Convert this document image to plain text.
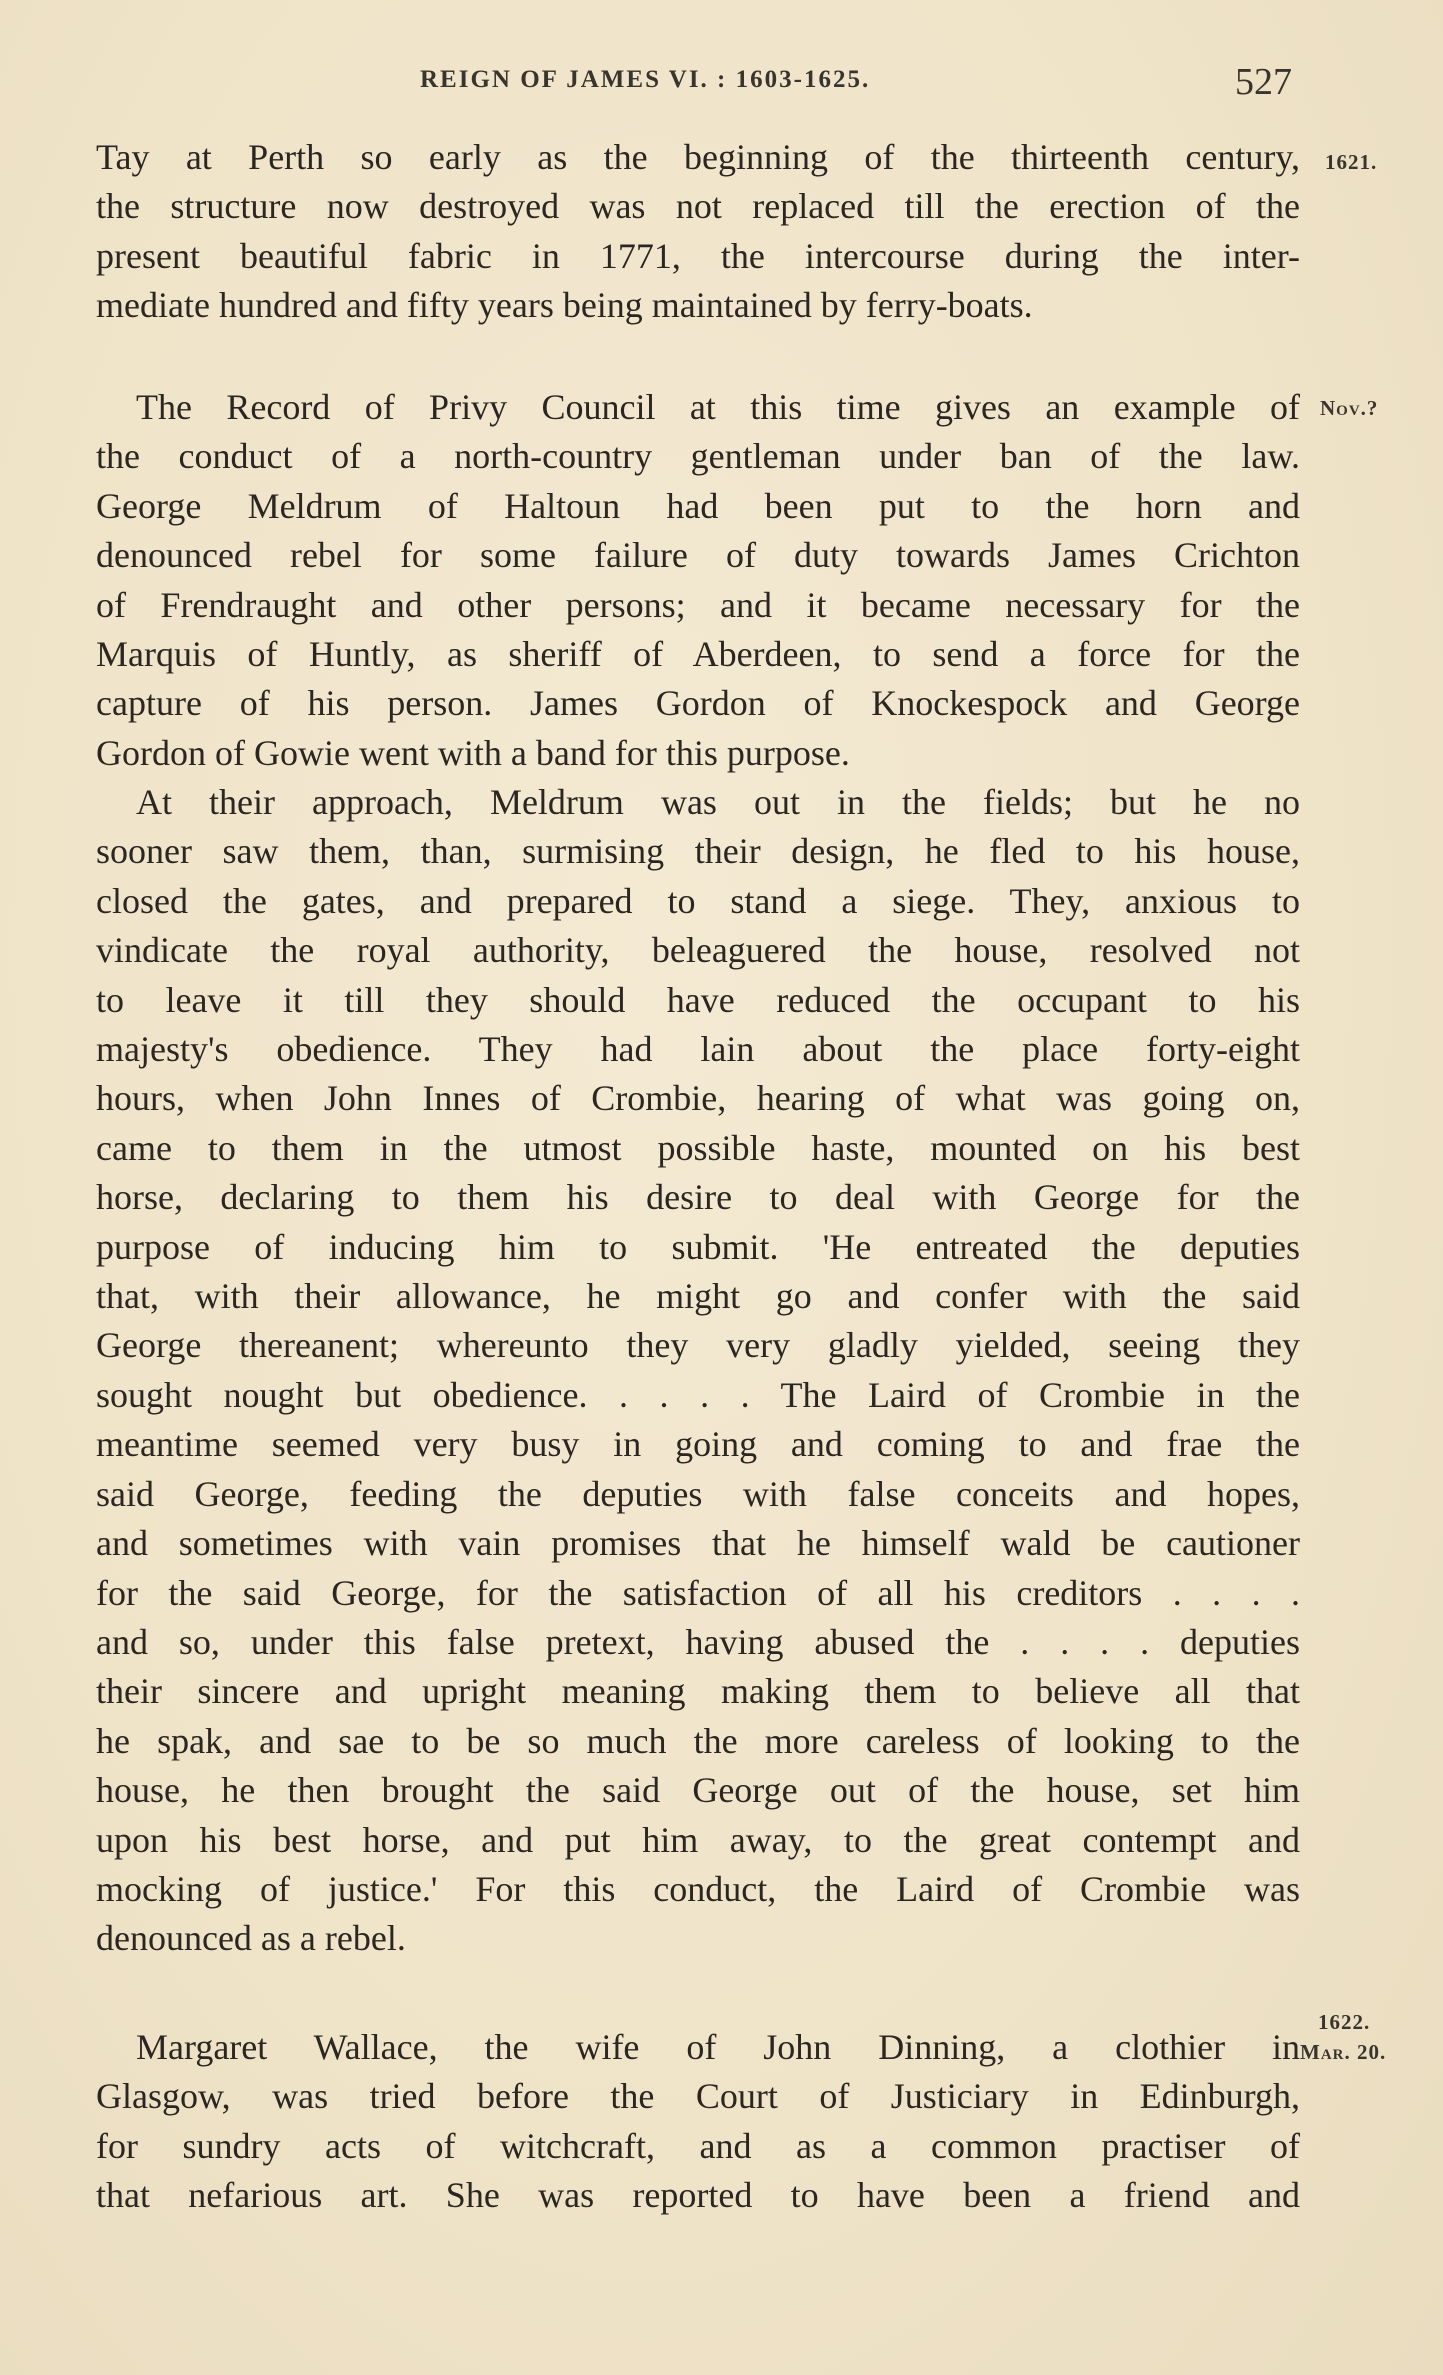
REIGN OF JAMES VI. : 1603-1625.	527
1621.
Nov.?
1622.
Mar. 20.
Tay at Perth so early as the beginning of the thirteenth century,
the structure now destroyed was not replaced till the erection of the
present beautiful fabric in 1771, the intercourse during the inter-
mediate hundred and fifty years being maintained by ferry-boats.
The Record of Privy Council at this time gives an example of
the conduct of a north-country gentleman under ban of the law.
George Meldrum of Haltoun had been put to the horn and
denounced rebel for some failure of duty towards James Crichton
of Frendraught and other persons; and it became necessary for the
Marquis of Huntly, as sheriff of Aberdeen, to send a force for the
capture of his person. James Gordon of Knockespock and George
Gordon of Gowie went with a band for this purpose.
At their approach, Meldrum was out in the fields; but he no
sooner saw them, than, surmising their design, he fled to his house,
closed the gates, and prepared to stand a siege. They, anxious to
vindicate the royal authority, beleaguered the house, resolved not
to leave it till they should have reduced the occupant to his
majesty's obedience. They had lain about the place forty-eight
hours, when John Innes of Crombie, hearing of what was going on,
came to them in the utmost possible haste, mounted on his best
horse, declaring to them his desire to deal with George for the
purpose of inducing him to submit. 'He entreated the deputies
that, with their allowance, he might go and confer with the said
George thereanent; whereunto they very gladly yielded, seeing they
sought nought but obedience. . . . . The Laird of Crombie in the
meantime seemed very busy in going and coming to and frae the
said George, feeding the deputies with false conceits and hopes,
and sometimes with vain promises that he himself wald be cautioner
for the said George, for the satisfaction of all his creditors . . . .
and so, under this false pretext, having abused the . . . . deputies
their sincere and upright meaning making them to believe all that
he spak, and sae to be so much the more careless of looking to the
house, he then brought the said George out of the house, set him
upon his best horse, and put him away, to the great contempt and
mocking of justice.' For this conduct, the Laird of Crombie was
denounced as a rebel.
Margaret Wallace, the wife of John Dinning, a clothier in
Glasgow, was tried before the Court of Justiciary in Edinburgh,
for sundry acts of witchcraft, and as a common practiser of
that nefarious art. She was reported to have been a friend and
